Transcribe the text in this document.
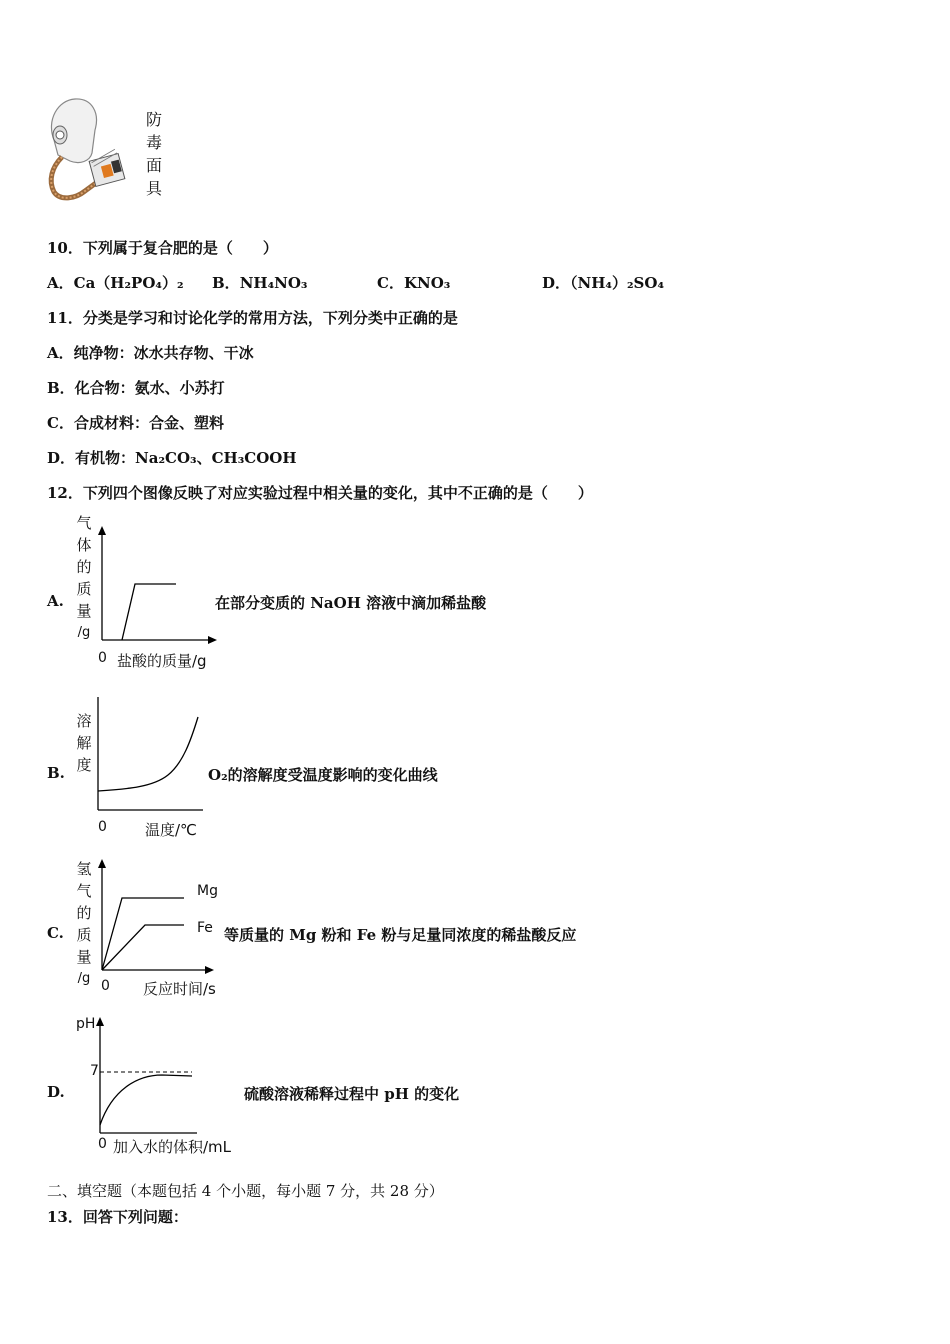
防
毒
面
具
10．下列属于复合肥的是（　　）
A．Ca（H₂PO₄）₂ B．NH₄NO₃	C．KNO₃	D．（NH₄）₂SO₄
11．分类是学习和讨论化学的常用方法，下列分类中正确的是
A．纯净物：冰水共存物、干冰
B．化合物：氨水、小苏打
C．合成材料：合金、塑料
D．有机物：Na₂CO₃、CH₃COOH
12．下列四个图像反映了对应实验过程中相关量的变化，其中不正确的是（　　）
A.
气
体
的
质
量
/g
0 盐酸的质量/g
在部分变质的 NaOH 溶液中滴加稀盐酸
B.
溶
解
度
0	温度/℃
O₂的溶解度受温度影响的变化曲线
C.
氢
气
的
质
量
/g
Mg
Fe
0 反应时间/s
等质量的 Mg 粉和 Fe 粉与足量同浓度的稀盐酸反应
D.
pH
7
0 加入水的体积/mL
硫酸溶液稀释过程中 pH 的变化
二、填空题（本题包括 4 个小题，每小题 7 分，共 28 分）
13．回答下列问题：
